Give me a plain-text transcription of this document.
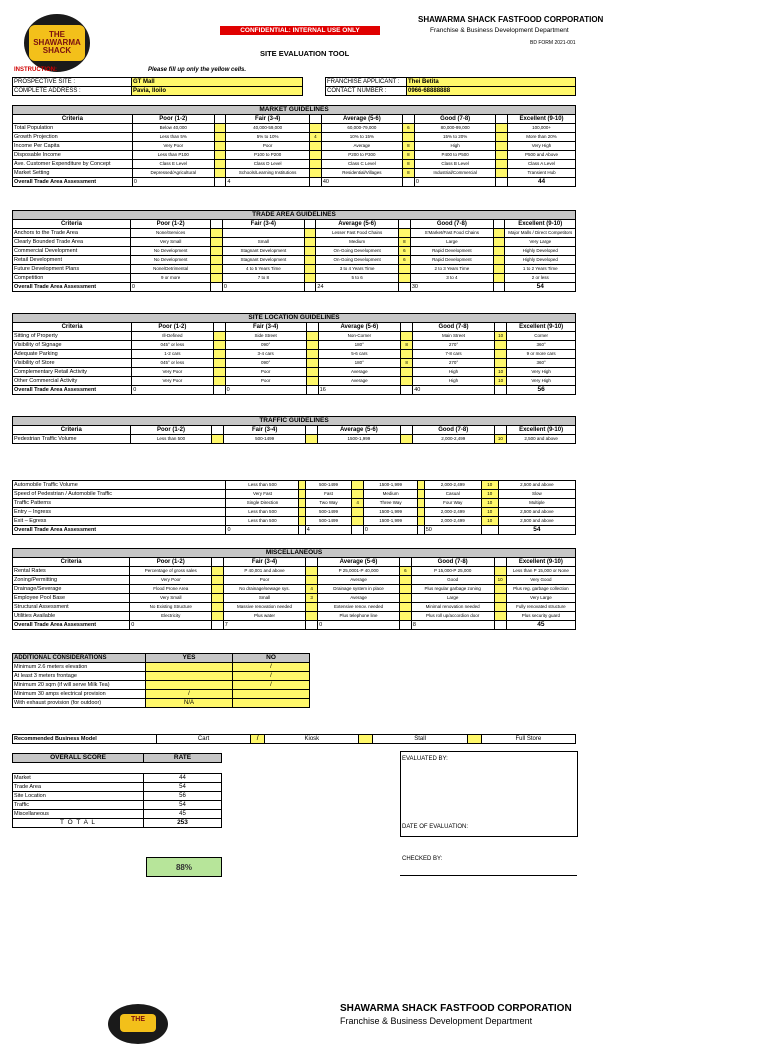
THE
SHAWARMA
SHACK
CONFIDENTIAL: INTERNAL USE ONLY
SHAWARMA SHACK FASTFOOD CORPORATION
Franchise & Business Development Department
BD FORM 2021-001
SITE EVALUATION TOOL
INSTRUCTION:	Please fill up only the yellow cells.
PROSPECTIVE SITE :	GT Mall		FRANCHISE APPLICANT :	Thei Betita
COMPLETE ADDRESS :	Pavia, Iloilo		CONTACT NUMBER :	0966-68888888
MARKET GUIDELINES									
Criteria	Poor (1-2)		Fair (3-4)		Average (5-6)		Good (7-8)		Excellent (9-10)
Total Population	Below 40,000		40,000-59,000		60,000-79,000	6	80,000-99,000		100,000+
Growth Projection	Less than 5%		5% to 10%	4	10% to 15%		15% to 20%		More than 20%
Income Per Capita	Very Poor		Poor		Average	8	High		Very High
Disposable Income	Less than P100		P100 to P200		P200 to P300	8	P400 to P500		P500 and Above
Ave. Customer Expenditure by Concept	Class E Level		Class D Level		Class C Level	8	Class B Level		Class A Level
Market Setting	Depressed/Agricultural		Schools/Learning Institutions		Residential/Villages	8	Industrial/Commercial		Transient Hub
Overall Trade Area Assessment	0		4		40		0		44
TRADE AREA GUIDELINES									
Criteria	Poor (1-2)		Fair (3-4)		Average (5-6)		Good (7-8)		Excellent (9-10)
Anchors to the Trade Area	None/Services				Lesser Fast Food Chains		S'Market/Fast Food Chains		Major Malls / Direct Competitors
Clearly Bounded Trade Area	Very Small		Small		Medium	8	Large		Very Large
Commercial Development	No Development		Stagnant Development		On-Going Development	6	Rapid Development		Highly Developed
Retail Development	No Development		Stagnant Development		On-Going Development	6	Rapid Development		Highly Developed
Future Development Plans	None/Detrimental		4 to 5 Years Time		3 to 4 Years Time		2 to 3 Years Time		1 to 2 Years Time
Competition	9 or more		7 to 8		5 to 6		3 to 4		2 or less
Overall Trade Area Assessment	0		0		24		30		54
SITE LOCATION GUIDELINES									
Criteria	Poor (1-2)		Fair (3-4)		Average (5-6)		Good (7-8)		Excellent (9-10)
Sitting of Property	Ill-Defined		Side Street		Non-Corner		Main Street	10	Corner
Visibility of Signage	045° or less		090°		180°	8	270°		360°
Adequate Parking	1-2 cars		3-4 cars		5-6 cars		7-8 cars		9 or more cars
Visibility of Store	045° or less		090°		180°	8	270°		360°
Complementary Retail Activity	Very Poor		Poor		Average		High	10	Very High
Other Commercial Activity	Very Poor		Poor		Average		High	10	Very High
Overall Trade Area Assessment	0		0		16		40		56
TRAFFIC GUIDELINES									
Criteria	Poor (1-2)		Fair (3-4)		Average (5-6)		Good (7-8)		Excellent (9-10)
Pedestrian Traffic Volume	Less than 500		500-1499		1500-1,999		2,000-2,499	10	2,500 and above
Automobile Traffic Volume	Less than 500		500-1499		1500-1,999		2,000-2,499	10	2,500 and above
Speed of Pedestrian / Automobile Traffic	Very Fast		Fast		Medium		Casual	10	Slow
Traffic Patterns	Single Direction		Two Way	4	Three Way		Four Way	10	Multiple
Entry – Ingress	Less than 500		500-1499		1500-1,999		2,000-2,499	10	2,500 and above
Exit – Egress	Less than 500		500-1499		1500-1,999		2,000-2,499	10	2,500 and above
Overall Trade Area Assessment	0		4		0		50		54
MISCELLANEOUS									
Criteria	Poor (1-2)		Fair (3-4)		Average (5-6)		Good (7-8)		Excellent (9-10)
Rental Rates	Percentage of gross sales		P 40,001 and above		P 25,0001-P 40,000	6	P 15,000-P 25,000		Less than P 15,000 or None
Zoning/Permitting	Very Poor		Poor		Average		Good	10	Very Good
Drainage/Severage	Flood Prone Area		No drainage/sewage sys.	4	Drainage system in place		Plus regular garbage zoning		Plus reg. garbage collection
Employee Pool Base	Very Small		Small	3	Average		Large		Very Large
Structural Assessment	No Existing Structure		Massive renovation needed		Extensive renov. needed		Minimal renovation needed		Fully renovated structure
Utilities Available	Electricity		Plus water		Plus telephone line		Plus roll up/accordion door		Plus security guard
Overall Trade Area Assessment	0		7		0		8		45
ADDITIONAL CONSIDERATIONS	YES	NO
Minimum 2.6 meters elevation		/
At least 3 meters frontage		/
Minimum 20 sqm (if will serve Milk Tea)		/
Minimum 30 amps electrical provision	/	
With exhaust provision (for outdoor)	N/A	
Recommended Business Model	Cart	/	Kiosk		Stall		Full Store
OVERALL SCORE	RATE

Market	44
Trade Area	54
Site Location	56
Traffic	54
Miscellaneous	45
T O T A L	253
88%
EVALUATED BY:
DATE OF EVALUATION:
CHECKED BY:
THE
SHAWARMA SHACK FASTFOOD CORPORATION
Franchise & Business Development Department
